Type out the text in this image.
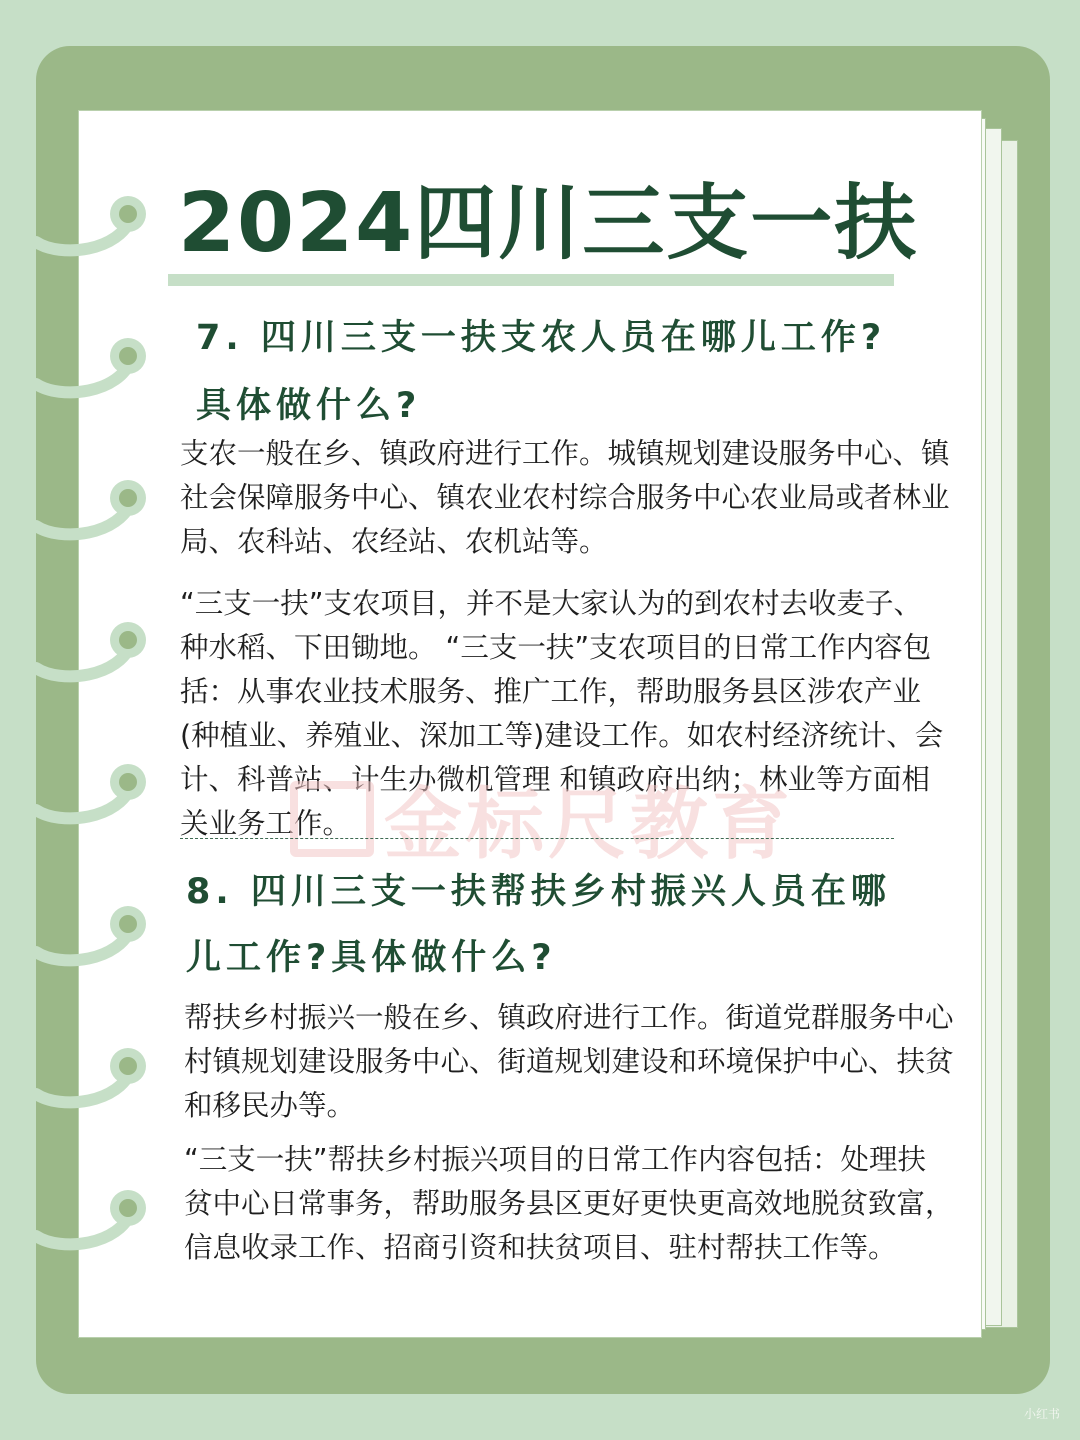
2024四川三支一扶
7. 四川三支一扶支农人员在哪儿工作?
具体做什么?
支农一般在乡、镇政府进行工作。城镇规划建设服务中心、镇社会保障服务中心、镇农业农村综合服务中心农业局或者林业局、农科站、农经站、农机站等。
“三支一扶”支农项目，并不是大家认为的到农村去收麦子、种水稻、下田锄地。 “三支一扶”支农项目的日常工作内容包括：从事农业技术服务、推广工作，帮助服务县区涉农产业 (种植业、养殖业、深加工等)建设工作。如农村经济统计、会计、科普站、计生办微机管理 和镇政府出纳；林业等方面相关业务工作。 金标尺教育
8. 四川三支一扶帮扶乡村振兴人员在哪
儿工作?具体做什么?
帮扶乡村振兴一般在乡、镇政府进行工作。街道党群服务中心村镇规划建设服务中心、街道规划建设和环境保护中心、扶贫和移民办等。
“三支一扶”帮扶乡村振兴项目的日常工作内容包括：处理扶贫中心日常事务，帮助服务县区更好更快更高效地脱贫致富，信息收录工作、招商引资和扶贫项目、驻村帮扶工作等。
小红书
